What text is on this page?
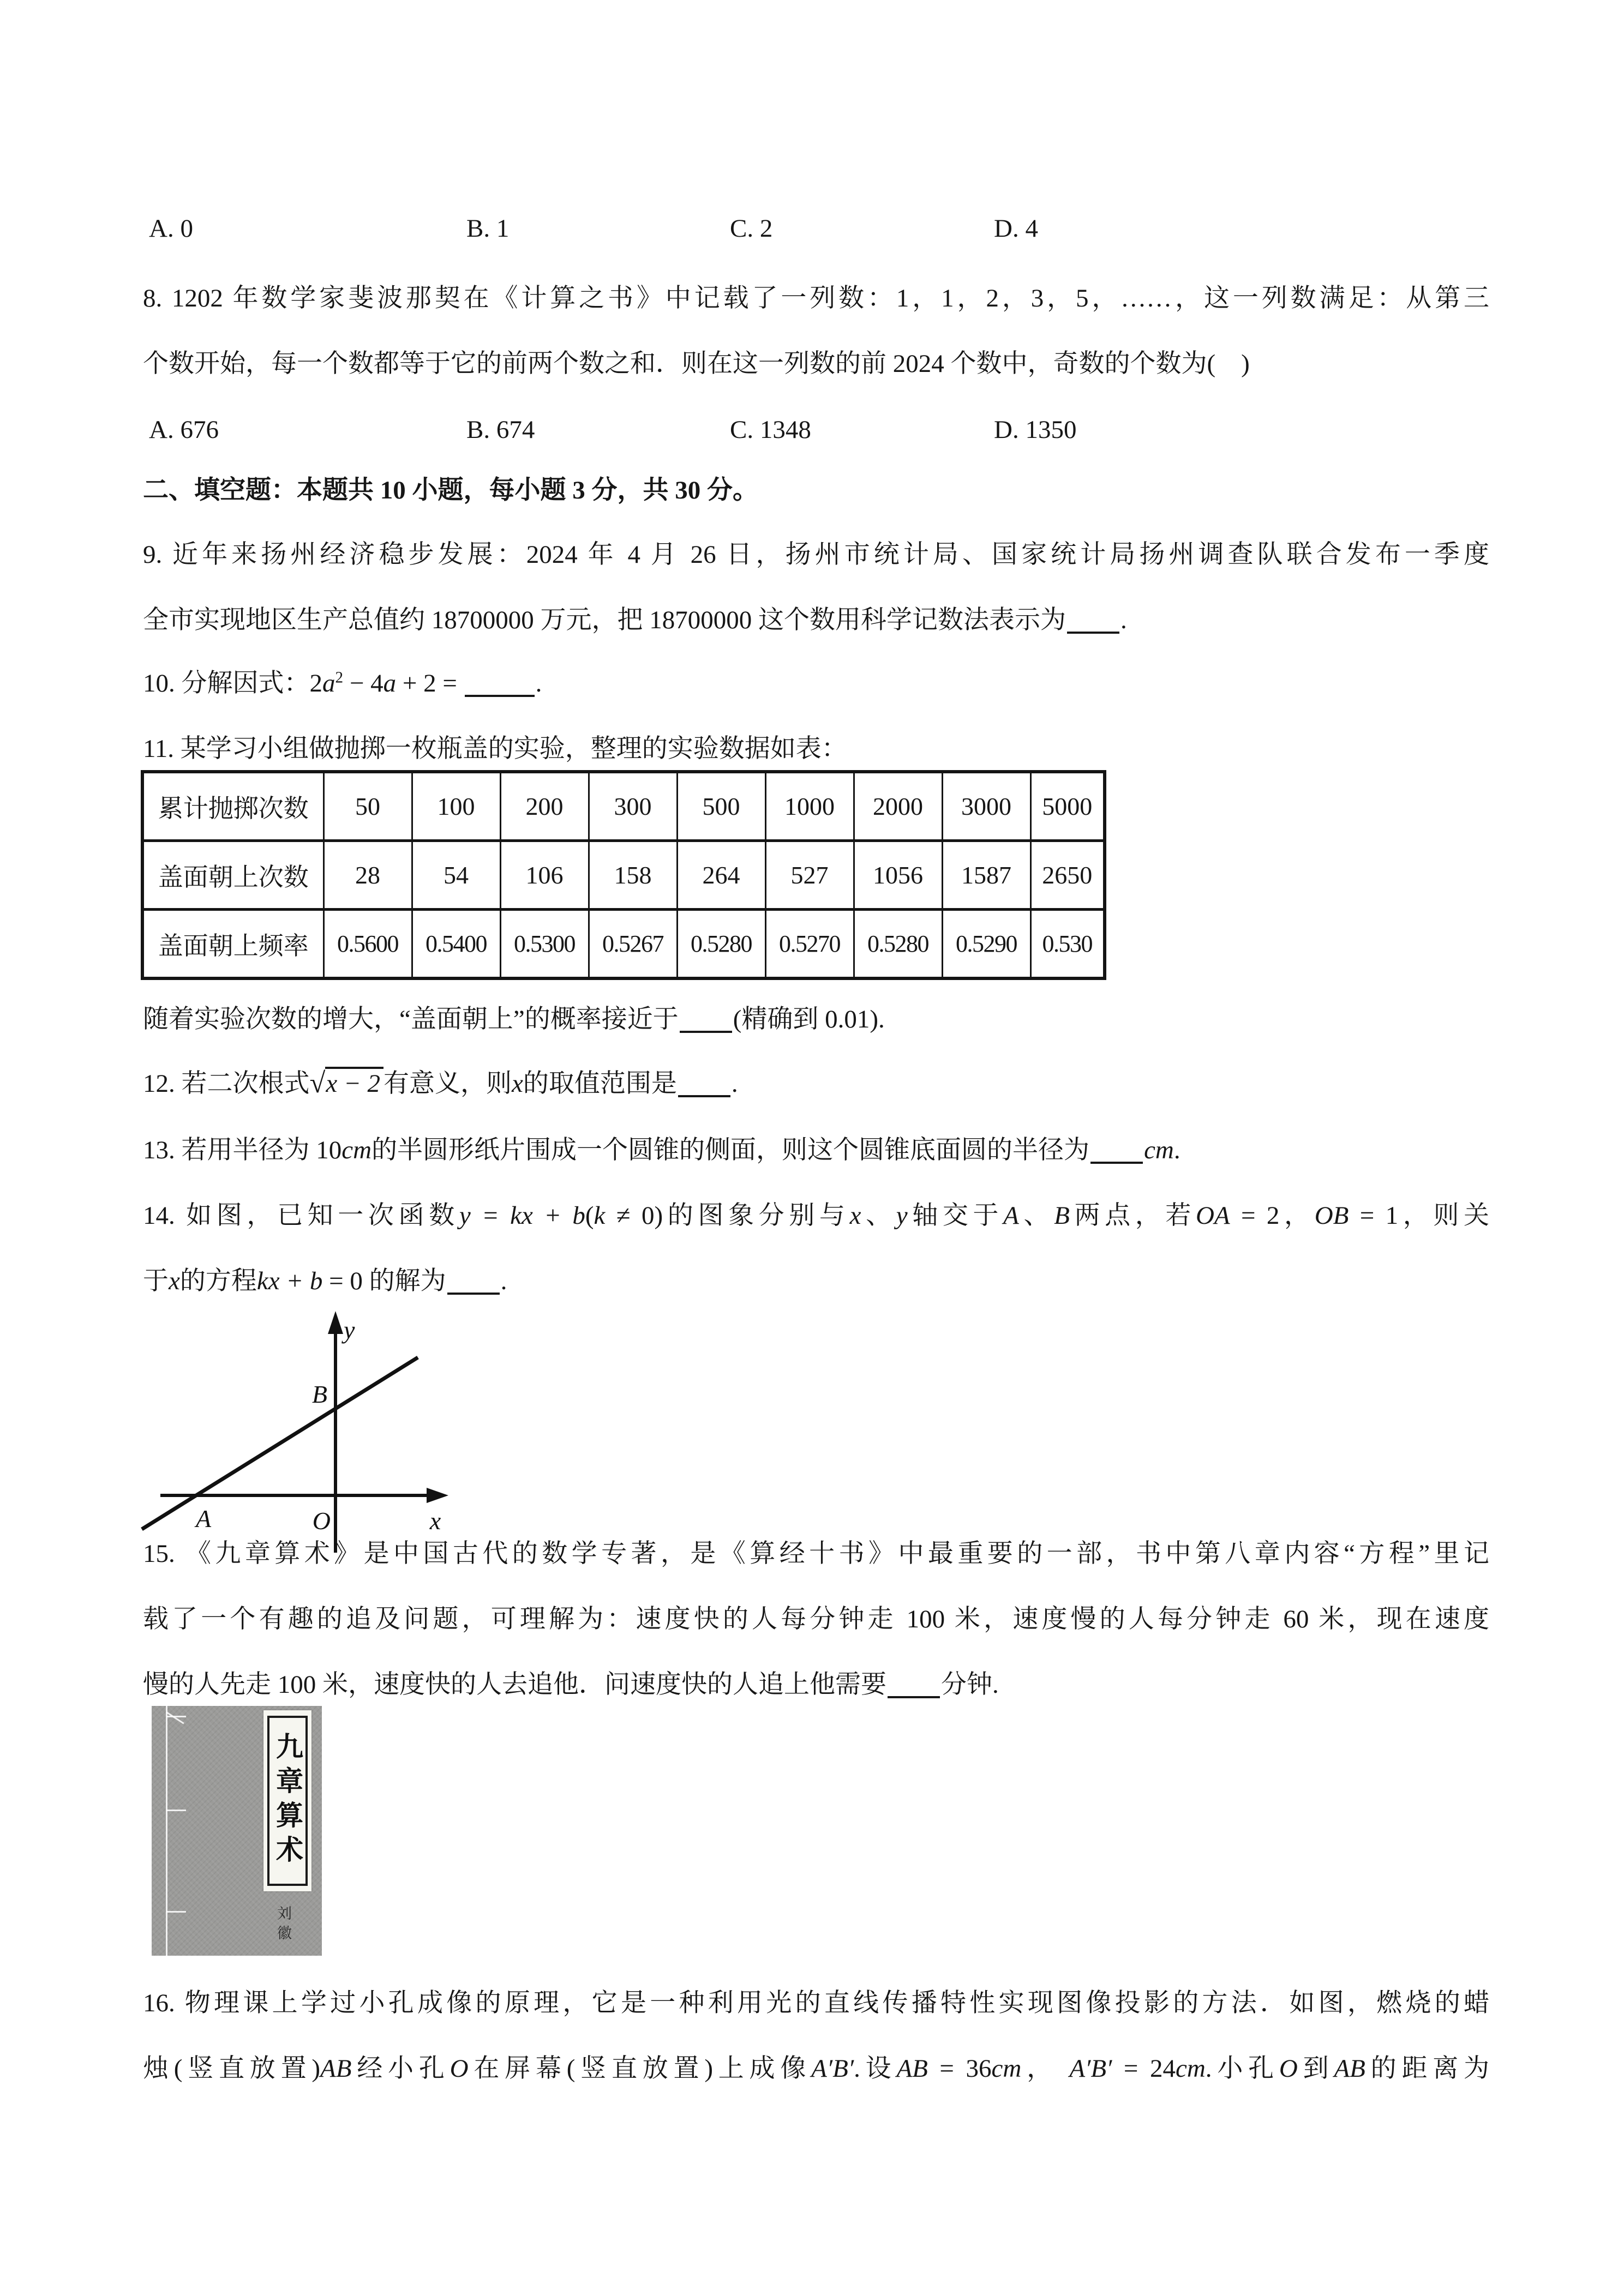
A. 0	B. 1	C. 2	D. 4
8. 1202 年数学家斐波那契在《计算之书》中记载了一列数：1，1，2，3，5，……，这一列数满足：从第三
个数开始，每一个数都等于它的前两个数之和．则在这一列数的前 2024 个数中，奇数的个数为(　)
A. 676	B. 674	C. 1348	D. 1350
二、填空题：本题共 10 小题，每小题 3 分，共 30 分。
9. 近年来扬州经济稳步发展：2024 年 4 月 26 日，扬州市统计局、国家统计局扬州调查队联合发布一季度
全市实现地区生产总值约 18700000 万元，把 18700000 这个数用科学记数法表示为 .
10. 分解因式：$2a^2 - 4a + 2$ =	.
11. 某学习小组做抛掷一枚瓶盖的实验，整理的实验数据如表：
累计抛掷次数	50	100	200	300	500	1000	2000	3000	5000
盖面朝上次数	28	54	106	158	264	527	1056	1587	2650
盖面朝上频率	0.5600	0.5400	0.5300	0.5267	0.5280	0.5270	0.5280	0.5290	0.530
随着实验次数的增大，“盖面朝上”的概率接近于 (精确到 0.01).
12. 若二次根式√x − 2 有意义，则x的取值范围是 .
13. 若用半径为 10cm的半圆形纸片围成一个圆锥的侧面，则这个圆锥底面圆的半径为 cm.
14. 如图，已知一次函数y = kx + b(k ≠ 0)的图象分别与x、y轴交于A、B两点，若OA = 2，OB = 1，则关
于x的方程kx + b = 0 的解为 .
y
x
O
A
B
15. 《九章算术》是中国古代的数学专著，是《算经十书》中最重要的一部，书中第八章内容“方程”里记
载了一个有趣的追及问题，可理解为：速度快的人每分钟走 100 米，速度慢的人每分钟走 60 米，现在速度
慢的人先走 100 米，速度快的人去追他．问速度快的人追上他需要 分钟.
九章算术
刘徽
16. 物理课上学过小孔成像的原理，它是一种利用光的直线传播特性实现图像投影的方法．如图，燃烧的蜡
烛(竖直放置)AB经小孔O在屏幕(竖直放置)上成像A′B′.设AB = 36cm， A′B′ = 24cm.小孔O到AB的距离为
